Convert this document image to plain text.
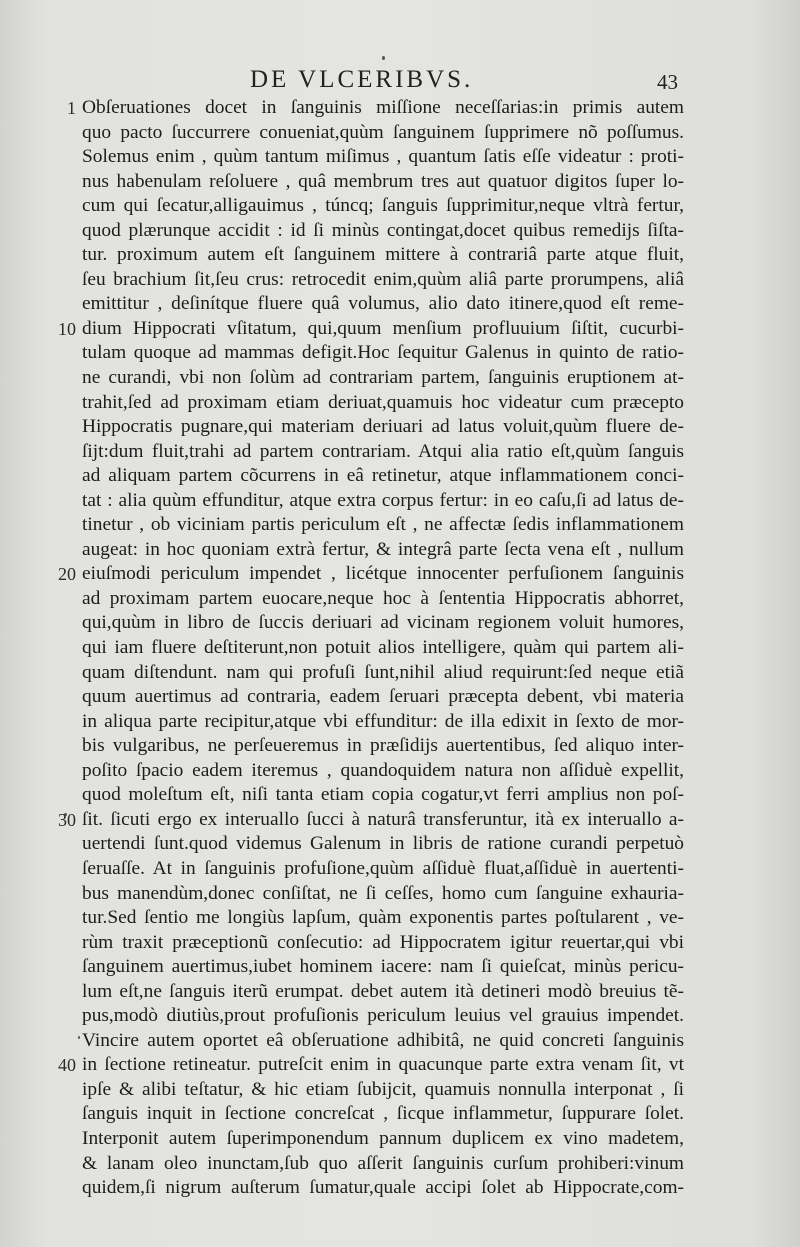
DE VLCERIBVS.	43
1 Obſeruationes docet in ſanguinis miſſione neceſſarias:in primis autem
quo pacto ſuccurrere conueniat,quùm ſanguinem ſupprimere nõ poſſumus.
Solemus enim , quùm tantum miſimus , quantum ſatis eſſe videatur : proti-
nus habenulam reſoluere , quâ membrum tres aut quatuor digitos ſuper lo-
cum qui ſecatur,alligauimus , túncq; ſanguis ſupprimitur,neque vltrà fertur,
quod plærunque accidit : id ſi minùs contingat,docet quibus remedijs ſiſta-
tur. proximum autem eſt ſanguinem mittere à contrariâ parte atque fluit,
ſeu brachium ſit,ſeu crus: retrocedit enim,quùm aliâ parte prorumpens, aliâ
emittitur , deſinítque fluere quâ volumus, alio dato itinere,quod eſt reme-
10 dium Hippocrati vſitatum, qui,quum menſium profluuium ſiſtit, cucurbi-
tulam quoque ad mammas defigit.Hoc ſequitur Galenus in quinto de ratio-
ne curandi, vbi non ſolùm ad contrariam partem, ſanguinis eruptionem at-
trahit,ſed ad proximam etiam deriuat,quamuis hoc videatur cum præcepto
Hippocratis pugnare,qui materiam deriuari ad latus voluit,quùm fluere de-
ſijt:dum fluit,trahi ad partem contrariam. Atqui alia ratio eſt,quùm ſanguis
ad aliquam partem cõcurrens in eâ retinetur, atque inflammationem conci-
tat : alia quùm effunditur, atque extra corpus fertur: in eo caſu,ſi ad latus de-
tinetur , ob viciniam partis periculum eſt , ne affectæ ſedis inflammationem
augeat: in hoc quoniam extrà fertur, & integrâ parte ſecta vena eſt , nullum
20 eiuſmodi periculum impendet , licétque innocenter perfuſionem ſanguinis
ad proximam partem euocare,neque hoc à ſententia Hippocratis abhorret,
qui,quùm in libro de ſuccis deriuari ad vicinam regionem voluit humores,
qui iam fluere deſtiterunt,non potuit alios intelligere, quàm qui partem ali-
quam diſtendunt. nam qui profuſi ſunt,nihil aliud requirunt:ſed neque etiã
quum auertimus ad contraria, eadem ſeruari præcepta debent, vbi materia
in aliqua parte recipitur,atque vbi effunditur: de illa edixit in ſexto de mor-
bis vulgaribus, ne perſeueremus in præſidijs auertentibus, ſed aliquo inter-
poſito ſpacio eadem iteremus , quandoquidem natura non aſſiduè expellit,
quod moleſtum eſt, niſi tanta etiam copia cogatur,vt ferri amplius non poſ-
30 ſit. ſicuti ergo ex interuallo ſucci à naturâ transferuntur, ità ex interuallo a-
uertendi ſunt.quod videmus Galenum in libris de ratione curandi perpetuò
ſeruaſſe. At in ſanguinis profuſione,quùm aſſiduè fluat,aſſiduè in auertenti-
bus manendùm,donec conſiſtat, ne ſi ceſſes, homo cum ſanguine exhauria-
tur.Sed ſentio me longiùs lapſum, quàm exponentis partes poſtularent , ve-
rùm traxit præceptionũ conſecutio: ad Hippocratem igitur reuertar,qui vbi
ſanguinem auertimus,iubet hominem iacere: nam ſi quieſcat, minùs pericu-
lum eſt,ne ſanguis iterũ erumpat. debet autem ità detineri modò breuius tẽ-
pus,modò diutiùs,prout profuſionis periculum leuius vel grauius impendet.
Vincire autem oportet eâ obſeruatione adhibitâ, ne quid concreti ſanguinis
40 in ſectione retineatur. putreſcit enim in quacunque parte extra venam ſit, vt
ipſe & alibi teſtatur, & hic etiam ſubijcit, quamuis nonnulla interponat , ſi
ſanguis inquit in ſectione concreſcat , ſicque inflammetur, ſuppurare ſolet.
Interponit autem ſuperimponendum pannum duplicem ex vino madetem,
& lanam oleo inunctam,ſub quo aſſerit ſanguinis curſum prohiberi:vinum
quidem,ſi nigrum auſterum ſumatur,quale accipi ſolet ab Hippocrate,com-
